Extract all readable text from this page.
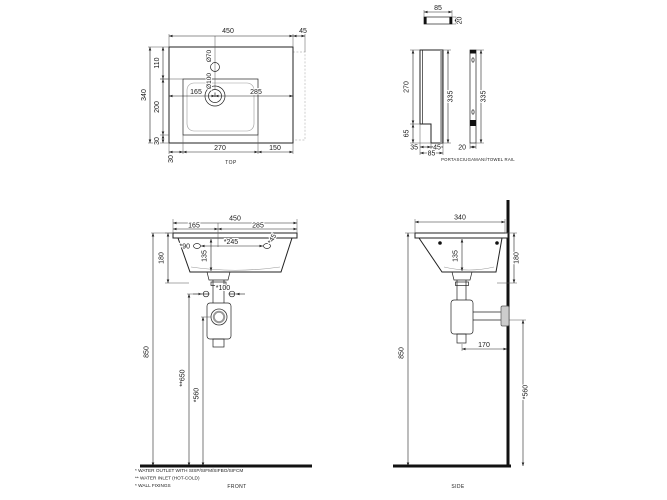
450	45
340
110
200
30
30
270	150
165	285
Ø70
Ø100
TOP
85
20
270
65
35 45
85
335	335
20
PORTASCIUGAMANI/TOWEL RAIL
450
165	285
*90
*245	*45
135
180
*100
850
**650
*560
* WATER OUTLET WITH SISP/SIFM/SIFBO/SIFCM
** WATER INLET (HOT-COLD)
* WALL FIXINGS	FRONT
340
135	180
170
850
*560
SIDE
